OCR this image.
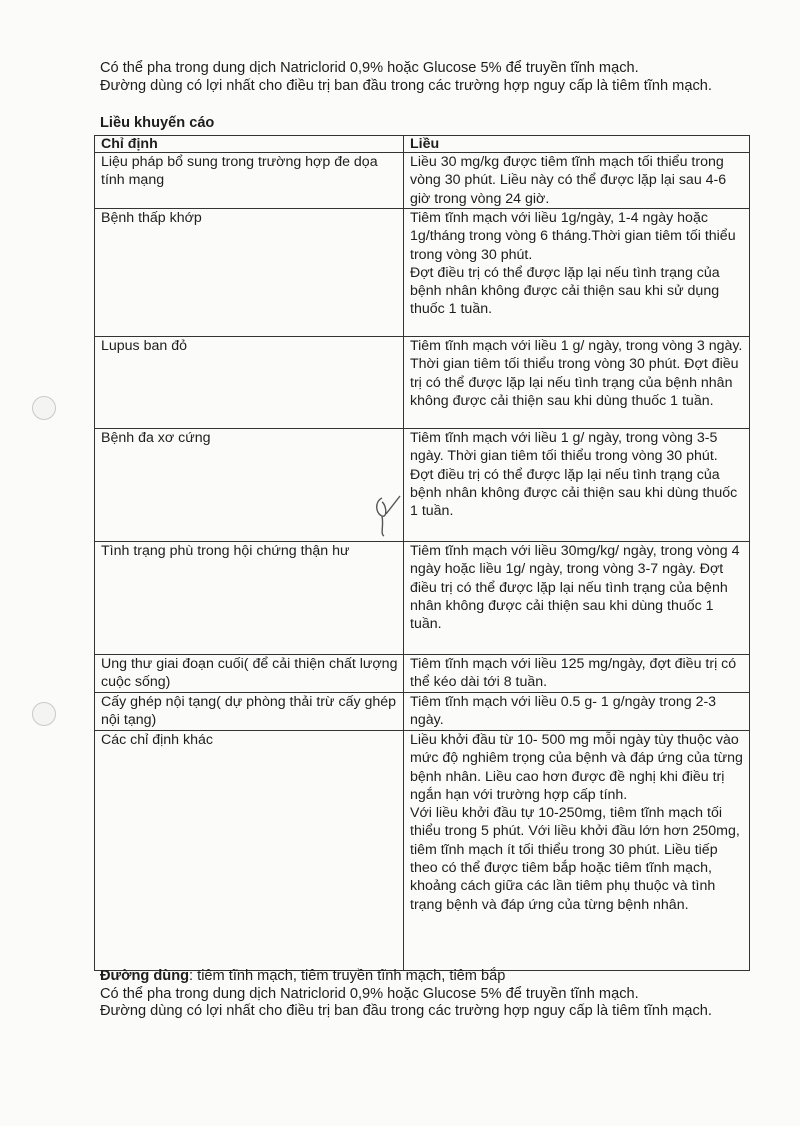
Có thể pha trong dung dịch Natriclorid 0,9% hoặc Glucose 5% để truyền tĩnh mạch.

Đường dùng có lợi nhất cho điều trị ban đầu trong các trường hợp nguy cấp là tiêm tĩnh mạch.

Liều khuyến cáo
Chỉ định	Liều
Liệu pháp bổ sung trong trường hợp đe dọa tính mạng	Liều 30 mg/kg được tiêm tĩnh mạch tối thiểu trong vòng 30 phút. Liều này có thể được lặp lại sau 4-6 giờ trong vòng 24 giờ.
Bệnh thấp khớp	Tiêm tĩnh mạch với liều 1g/ngày, 1-4 ngày hoặc 1g/tháng trong vòng 6 tháng.Thời gian tiêm tối thiểu trong vòng 30 phút.
Đợt điều trị có thể được lặp lại nếu tình trạng của bệnh nhân không được cải thiện sau khi sử dụng thuốc 1 tuần.

Lupus ban đỏ	Tiêm tĩnh mạch với liều 1 g/ ngày, trong vòng 3 ngày. Thời gian tiêm tối thiểu trong vòng 30 phút. Đợt điều trị có thể được lặp lại nếu tình trạng của bệnh nhân không được cải thiện sau khi dùng thuốc 1 tuần.
Bệnh đa xơ cứng	Tiêm tĩnh mạch với liều 1 g/ ngày, trong vòng 3-5 ngày. Thời gian tiêm tối thiểu trong vòng 30 phút. Đợt điều trị có thể được lặp lại nếu tình trạng của bệnh nhân không được cải thiện sau khi dùng thuốc 1 tuần.
Tình trạng phù trong hội chứng thận hư	Tiêm tĩnh mạch với liều 30mg/kg/ ngày, trong vòng 4 ngày hoặc liều 1g/ ngày, trong vòng 3-7 ngày. Đợt điều trị có thể được lặp lại nếu tình trạng của bệnh nhân không được cải thiện sau khi dùng thuốc 1 tuần.
Ung thư giai đoạn cuối( để cải thiện chất lượng cuộc sống)	Tiêm tĩnh mạch với liều 125 mg/ngày, đợt điều trị có thể kéo dài tới 8 tuần.
Cấy ghép nội tạng( dự phòng thải trừ cấy ghép nội tạng)	Tiêm tĩnh mạch với liều 0.5 g- 1 g/ngày trong 2-3 ngày.
Các chỉ định khác	Liều khởi đầu từ 10- 500 mg mỗi ngày tùy thuộc vào mức độ nghiêm trọng của bệnh và đáp ứng của từng bệnh nhân. Liều cao hơn được đề nghị khi điều trị ngắn hạn với trường hợp cấp tính.
Với liều khởi đầu tự 10-250mg, tiêm tĩnh mạch tối thiểu trong 5 phút. Với liều khởi đầu lớn hơn 250mg, tiêm tĩnh mạch ít tối thiểu trong 30 phút. Liều tiếp theo có thể được tiêm bắp hoặc tiêm tĩnh mạch, khoảng cách giữa các lần tiêm phụ thuộc và tình trạng bệnh và đáp ứng của từng bệnh nhân.

Đường dùng: tiêm tĩnh mạch, tiêm truyền tĩnh mạch, tiêm bắp

Có thể pha trong dung dịch Natriclorid 0,9% hoặc Glucose 5% để truyền tĩnh mạch.

Đường dùng có lợi nhất cho điều trị ban đầu trong các trường hợp nguy cấp là tiêm tĩnh mạch.
